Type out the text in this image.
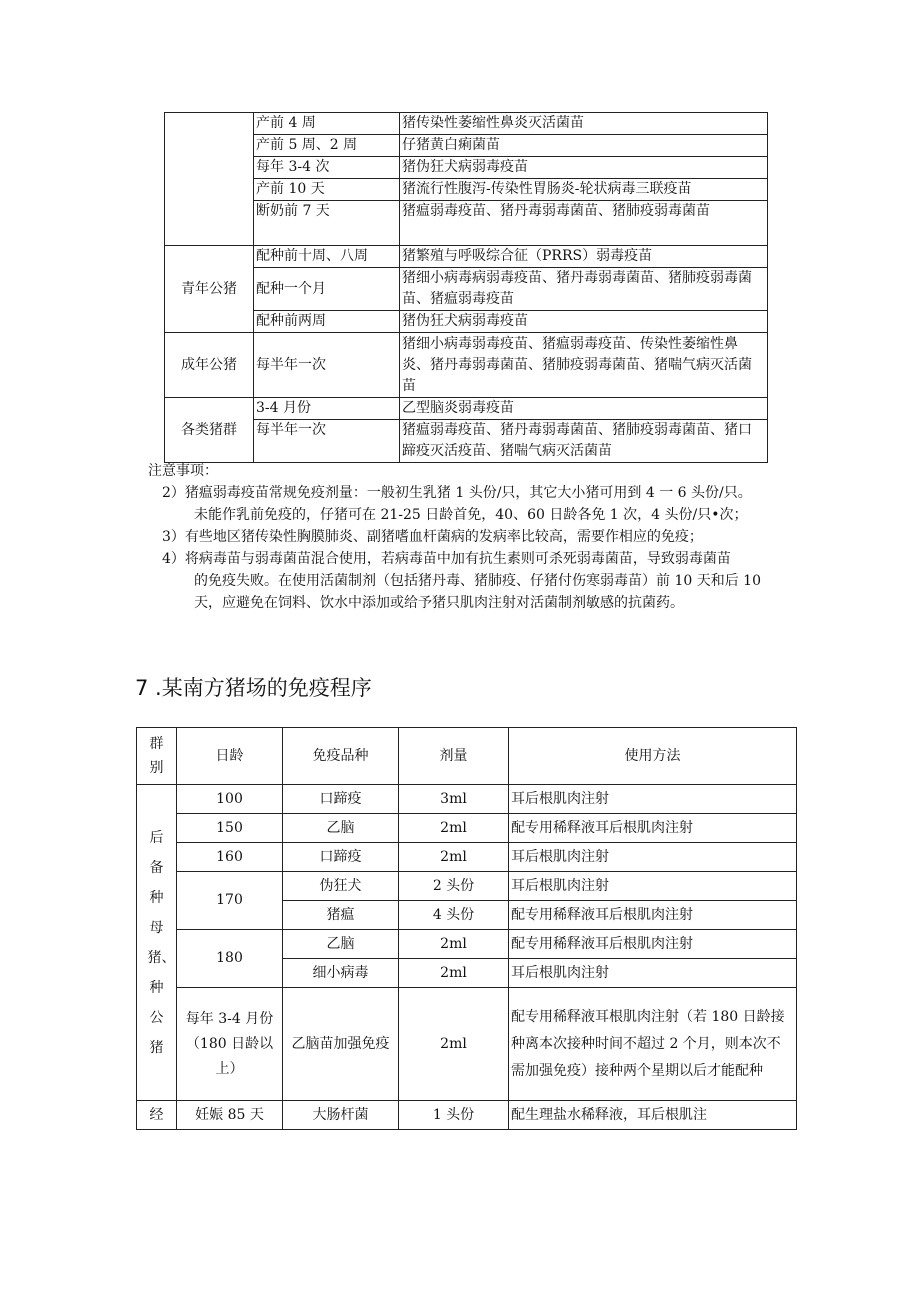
	产前 4 周	猪传染性萎缩性鼻炎灭活菌苗
	产前 5 周、2 周	仔猪黄白痢菌苗
	每年 3-4 次	猪伪狂犬病弱毒疫苗
	产前 10 天	猪流行性腹泻-传染性胃肠炎-轮状病毒三联疫苗
	断奶前 7 天	猪瘟弱毒疫苗、猪丹毒弱毒菌苗、猪肺疫弱毒菌苗
青年公猪	配种前十周、八周	猪繁殖与呼吸综合征（PRRS）弱毒疫苗
	配种一个月	猪细小病毒病弱毒疫苗、猪丹毒弱毒菌苗、猪肺疫弱毒菌苗、猪瘟弱毒疫苗
	配种前两周	猪伪狂犬病弱毒疫苗
成年公猪	每半年一次	猪细小病毒弱毒疫苗、猪瘟弱毒疫苗、传染性萎缩性鼻炎、猪丹毒弱毒菌苗、猪肺疫弱毒菌苗、猪喘气病灭活菌苗
各类猪群	3-4 月份	乙型脑炎弱毒疫苗
	每半年一次	猪瘟弱毒疫苗、猪丹毒弱毒菌苗、猪肺疫弱毒菌苗、猪口蹄疫灭活疫苗、猪喘气病灭活菌苗

注意事项：

2）猪瘟弱毒疫苗常规免疫剂量：一般初生乳猪 1 头份/只，其它大小猪可用到 4 一 6 头份/只。

未能作乳前免疫的，仔猪可在 21-25 日龄首免，40、60 日龄各免 1 次，4 头份/只•次；

3）有些地区猪传染性胸膜肺炎、副猪嗜血杆菌病的发病率比较高，需要作相应的免疫；

4）将病毒苗与弱毒菌苗混合使用，若病毒苗中加有抗生素则可杀死弱毒菌苗，导致弱毒菌苗

的免疫失败。在使用活菌制剂（包括猪丹毒、猪肺疫、仔猪付伤寒弱毒苗）前 10 天和后 10

天，应避免在饲料、饮水中添加或给予猪只肌肉注射对活菌制剂敏感的抗菌药。

7 .某南方猪场的免疫程序
群别	日龄	免疫品种	剂量	使用方法
后备种母猪、种公猪	100	口蹄疫	3ml	耳后根肌肉注射
	150	乙脑	2ml	配专用稀释液耳后根肌肉注射
	160	口蹄疫	2ml	耳后根肌肉注射
	170	伪狂犬	2 头份	耳后根肌肉注射
		猪瘟	4 头份	配专用稀释液耳后根肌肉注射
	180	乙脑	2ml	配专用稀释液耳后根肌肉注射
		细小病毒	2ml	耳后根肌肉注射
	每年 3-4 月份（180 日龄以上）	乙脑苗加强免疫	2ml	配专用稀释液耳根肌肉注射（若 180 日龄接种离本次接种时间不超过 2 个月，则本次不需加强免疫）接种两个星期以后才能配种
经	妊娠 85 天	大肠杆菌	1 头份	配生理盐水稀释液，耳后根肌注
